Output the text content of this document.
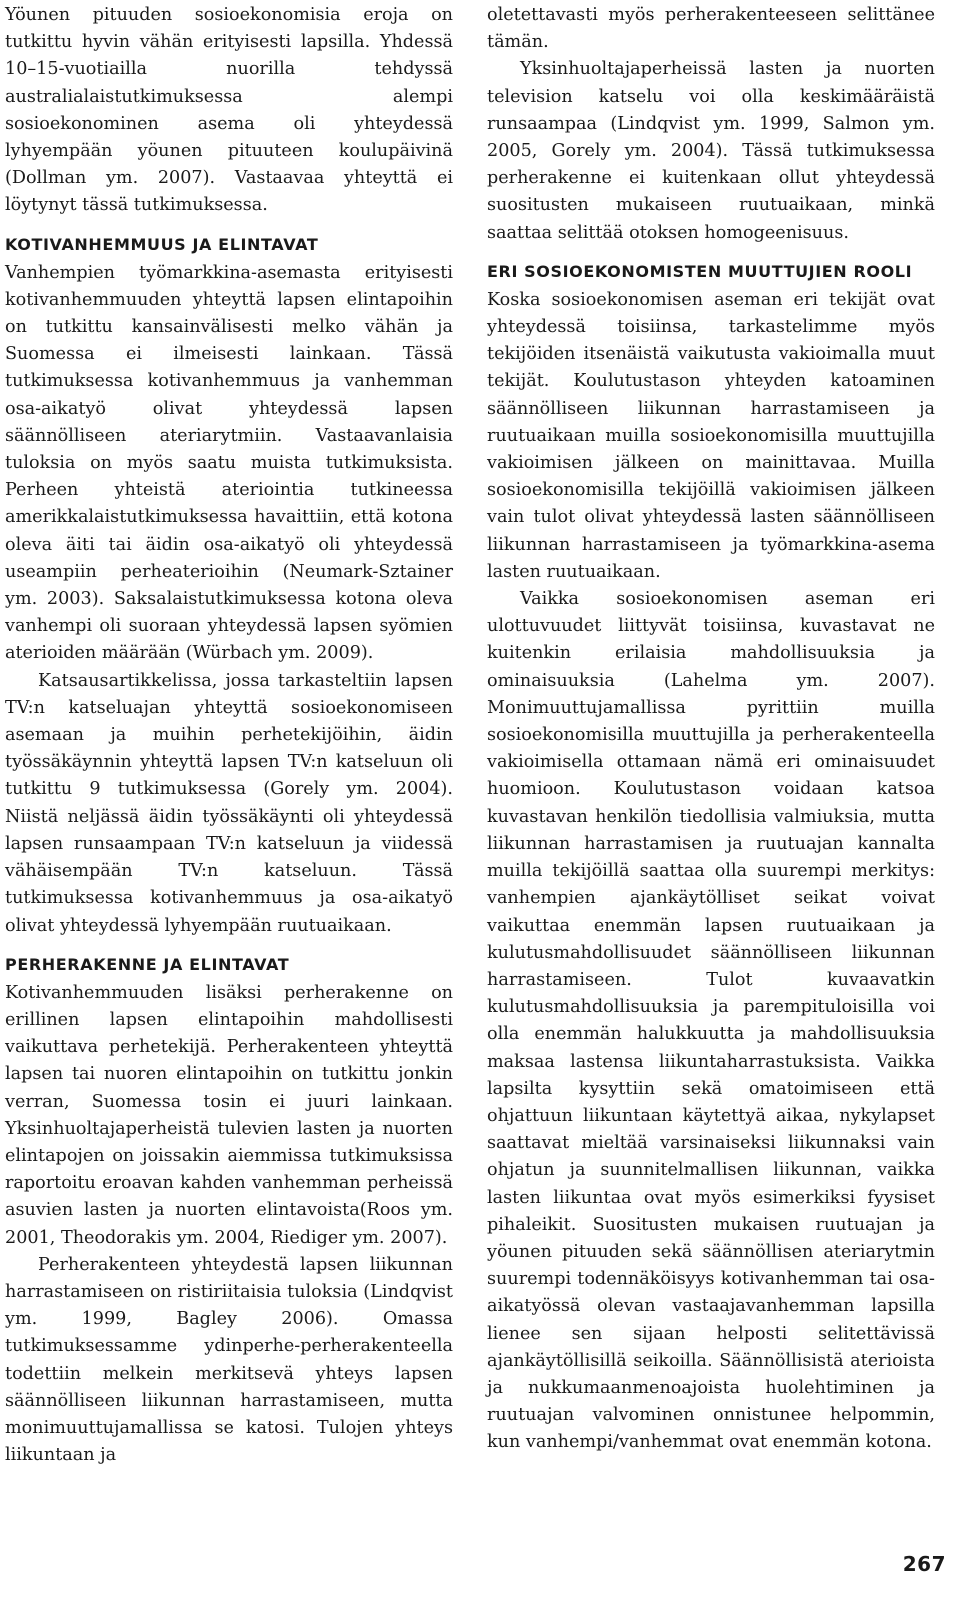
Yöunen pituuden sosioekonomisia eroja on tutkittu hyvin vähän erityisesti lapsilla. Yhdessä 10–15-vuotiailla nuorilla tehdyssä australialaistutkimuksessa alempi sosioekonominen asema oli yhteydessä lyhyempään yöunen pituuteen koulupäivinä (Dollman ym. 2007). Vastaavaa yhteyttä ei löytynyt tässä tutkimuksessa.

KOTIVANHEMMUUS JA ELINTAVAT

Vanhempien työmarkkina-asemasta erityisesti kotivanhemmuuden yhteyttä lapsen elintapoihin on tutkittu kansainvälisesti melko vähän ja Suomessa ei ilmeisesti lainkaan. Tässä tutkimuksessa kotivanhemmuus ja vanhemman osa-aikatyö olivat yhteydessä lapsen säännölliseen ateriarytmiin. Vastaavanlaisia tuloksia on myös saatu muista tutkimuksista. Perheen yhteistä ateriointia tutkineessa amerikkalaistutkimuksessa havaittiin, että kotona oleva äiti tai äidin osa-aikatyö oli yhteydessä useampiin perheaterioihin (Neumark-Sztainer ym. 2003). Saksalaistutkimuksessa kotona oleva vanhempi oli suoraan yhteydessä lapsen syömien aterioiden määrään (Würbach ym. 2009).

Katsausartikkelissa, jossa tarkasteltiin lapsen TV:n katseluajan yhteyttä sosioekonomiseen asemaan ja muihin perhetekijöihin, äidin työssäkäynnin yhteyttä lapsen TV:n katseluun oli tutkittu 9 tutkimuksessa (Gorely ym. 2004). Niistä neljässä äidin työssäkäynti oli yhteydessä lapsen runsaampaan TV:n katseluun ja viidessä vähäisempään TV:n katseluun. Tässä tutkimuksessa kotivanhemmuus ja osa-aikatyö olivat yhteydessä lyhyempään ruutuaikaan.

PERHERAKENNE JA ELINTAVAT

Kotivanhemmuuden lisäksi perherakenne on erillinen lapsen elintapoihin mahdollisesti vaikuttava perhetekijä. Perherakenteen yhteyttä lapsen tai nuoren elintapoihin on tutkittu jonkin verran, Suomessa tosin ei juuri lainkaan. Yksinhuoltajaperheistä tulevien lasten ja nuorten elintapojen on joissakin aiemmissa tutkimuksissa raportoitu eroavan kahden vanhemman perheissä asuvien lasten ja nuorten elintavoista(Roos ym. 2001, Theodorakis ym. 2004, Riediger ym. 2007).

Perherakenteen yhteydestä lapsen liikunnan harrastamiseen on ristiriitaisia tuloksia (Lindqvist ym. 1999, Bagley 2006). Omassa tutkimuksessamme ydinperhe-perherakenteella todettiin melkein merkitsevä yhteys lapsen säännölliseen liikunnan harrastamiseen, mutta monimuuttujamallissa se katosi. Tulojen yhteys liikuntaan ja

oletettavasti myös perherakenteeseen selittänee tämän.

Yksinhuoltajaperheissä lasten ja nuorten television katselu voi olla keskimääräistä runsaampaa (Lindqvist ym. 1999, Salmon ym. 2005, Gorely ym. 2004). Tässä tutkimuksessa perherakenne ei kuitenkaan ollut yhteydessä suositusten mukaiseen ruutuaikaan, minkä saattaa selittää otoksen homogeenisuus.

ERI SOSIOEKONOMISTEN MUUTTUJIEN ROOLI

Koska sosioekonomisen aseman eri tekijät ovat yhteydessä toisiinsa, tarkastelimme myös tekijöiden itsenäistä vaikutusta vakioimalla muut tekijät. Koulutustason yhteyden katoaminen säännölliseen liikunnan harrastamiseen ja ruutuaikaan muilla sosioekonomisilla muuttujilla vakioimisen jälkeen on mainittavaa. Muilla sosioekonomisilla tekijöillä vakioimisen jälkeen vain tulot olivat yhteydessä lasten säännölliseen liikunnan harrastamiseen ja työmarkkina-asema lasten ruutuaikaan.

Vaikka sosioekonomisen aseman eri ulottuvuudet liittyvät toisiinsa, kuvastavat ne kuitenkin erilaisia mahdollisuuksia ja ominaisuuksia (Lahelma ym. 2007). Monimuuttujamallissa pyrittiin muilla sosioekonomisilla muuttujilla ja perherakenteella vakioimisella ottamaan nämä eri ominaisuudet huomioon. Koulutustason voidaan katsoa kuvastavan henkilön tiedollisia valmiuksia, mutta liikunnan harrastamisen ja ruutuajan kannalta muilla tekijöillä saattaa olla suurempi merkitys: vanhempien ajankäytölliset seikat voivat vaikuttaa enemmän lapsen ruutuaikaan ja kulutusmahdollisuudet säännölliseen liikunnan harrastamiseen. Tulot kuvaavatkin kulutusmahdollisuuksia ja parempituloisilla voi olla enemmän halukkuutta ja mahdollisuuksia maksaa lastensa liikuntaharrastuksista. Vaikka lapsilta kysyttiin sekä omatoimiseen että ohjattuun liikuntaan käytettyä aikaa, nykylapset saattavat mieltää varsinaiseksi liikunnaksi vain ohjatun ja suunnitelmallisen liikunnan, vaikka lasten liikuntaa ovat myös esimerkiksi fyysiset pihaleikit. Suositusten mukaisen ruutuajan ja yöunen pituuden sekä säännöllisen ateriarytmin suurempi todennäköisyys kotivanhemman tai osa-aikatyössä olevan vastaajavanhemman lapsilla lienee sen sijaan helposti selitettävissä ajankäytöllisillä seikoilla. Säännöllisistä aterioista ja nukkumaanmenoajoista huolehtiminen ja ruutuajan valvominen onnistunee helpommin, kun vanhempi/vanhemmat ovat enemmän kotona.

267
